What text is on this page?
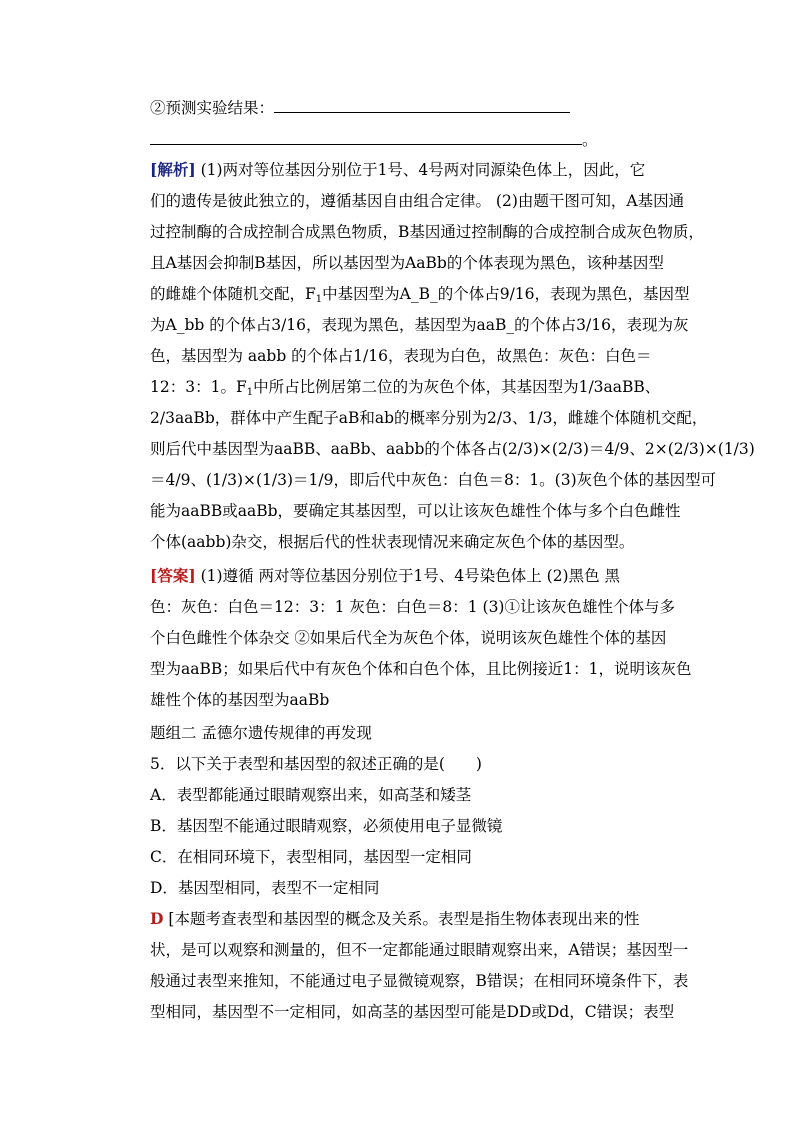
②预测实验结果：
。
[解析] (1)两对等位基因分别位于1号、4号两对同源染色体上，因此，它
们的遗传是彼此独立的，遵循基因自由组合定律。 (2)由题干图可知，A基因通
过控制酶的合成控制合成黑色物质，B基因通过控制酶的合成控制合成灰色物质，
且A基因会抑制B基因，所以基因型为AaBb的个体表现为黑色，该种基因型
的雌雄个体随机交配，$F_1$中基因型为A_B_的个体占9/16，表现为黑色，基因型
为A_bb 的个体占3/16，表现为黑色，基因型为aaB_的个体占3/16，表现为灰
色，基因型为 aabb 的个体占1/16，表现为白色，故黑色：灰色：白色＝
12：3：1。$F_1$中所占比例居第二位的为灰色个体，其基因型为1/3aaBB、
2/3aaBb，群体中产生配子aB和ab的概率分别为2/3、1/3，雌雄个体随机交配，
则后代中基因型为aaBB、aaBb、aabb的个体各占(2/3)×(2/3)＝4/9、2×(2/3)×(1/3)
＝4/9、(1/3)×(1/3)＝1/9，即后代中灰色：白色＝8：1。(3)灰色个体的基因型可
能为aaBB或aaBb，要确定其基因型，可以让该灰色雄性个体与多个白色雌性
个体(aabb)杂交，根据后代的性状表现情况来确定灰色个体的基因型。
[答案] (1)遵循 两对等位基因分别位于1号、4号染色体上 (2)黑色 黑
色：灰色：白色＝12：3：1 灰色：白色＝8：1 (3)①让该灰色雄性个体与多
个白色雌性个体杂交 ②如果后代全为灰色个体，说明该灰色雄性个体的基因
型为aaBB；如果后代中有灰色个体和白色个体，且比例接近1：1，说明该灰色
雄性个体的基因型为aaBb
题组二 孟德尔遗传规律的再发现
5．以下关于表型和基因型的叙述正确的是(　　)
A．表型都能通过眼睛观察出来，如高茎和矮茎
B．基因型不能通过眼睛观察，必须使用电子显微镜
C．在相同环境下，表型相同，基因型一定相同
D．基因型相同，表型不一定相同
D [本题考查表型和基因型的概念及关系。表型是指生物体表现出来的性
状，是可以观察和测量的，但不一定都能通过眼睛观察出来，A错误；基因型一
般通过表型来推知，不能通过电子显微镜观察，B错误；在相同环境条件下，表
型相同，基因型不一定相同，如高茎的基因型可能是DD或Dd，C错误；表型
